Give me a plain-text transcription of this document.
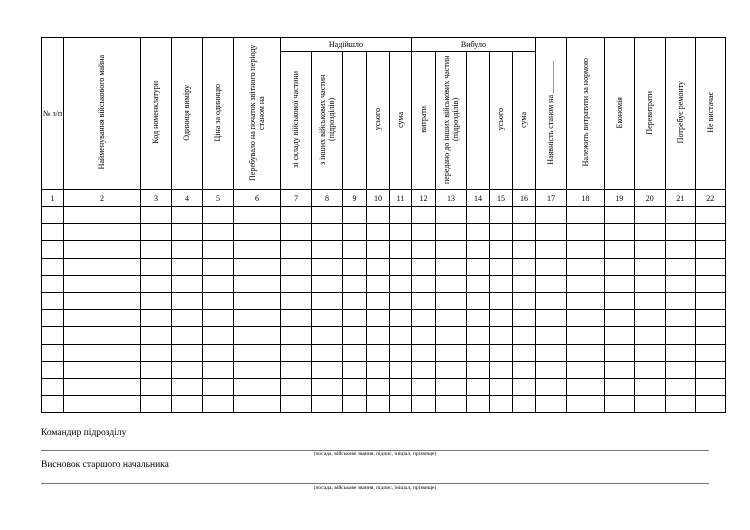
№ з/п	Найменування військового майна	Код номенклатури	Одиниця виміру	Ціна за одиницю	Перебувало на початок звітного періоду станом на	Надійшло					Вибуло					Наявність станом на ________	Належить витратити за нормою	Економія	Перевитрати	Потребує ремонту	Не вистачає
						зі складу військової частини	з інших військових частин (підрозділів)		усього	сума	витрати	передано до інших військових частин (підрозділів)		усього	сума						
1	2	3	4	5	6	7	8	9	10	11	12	13	14	15	16	17	18	19	20	21	22

Командир підрозділу
(посада, військове звання, підпис, ініціал, прізвище)
Висновок старшого начальника
(посада, військове звання, підпис, ініціал, прізвище)
